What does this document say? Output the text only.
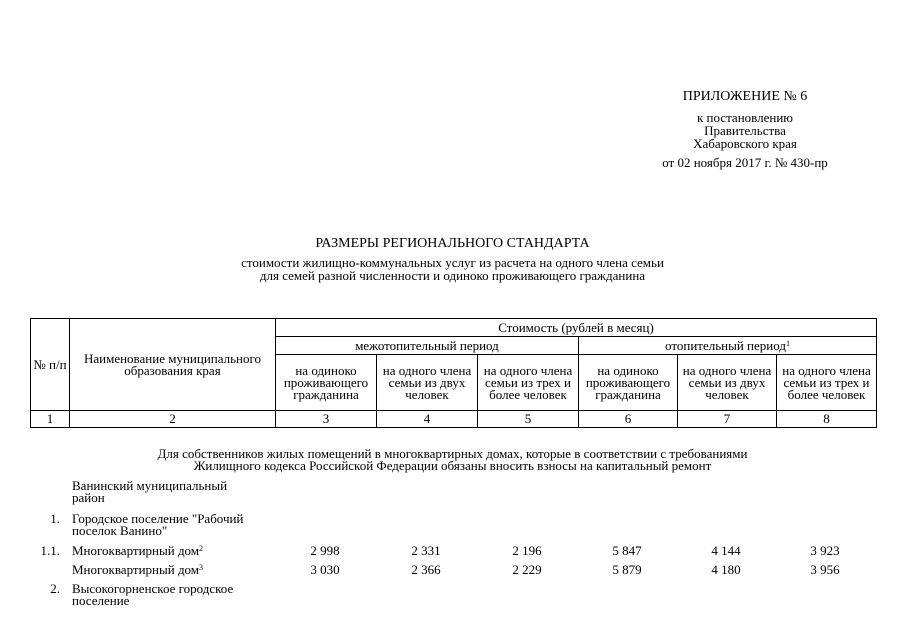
ПРИЛОЖЕНИЕ № 6
к постановлению
Правительства
Хабаровского края
от 02 ноября 2017 г. № 430-пр
РАЗМЕРЫ РЕГИОНАЛЬНОГО СТАНДАРТА
стоимости жилищно-коммунальных услуг из расчета на одного члена семьи
для семей разной численности и одиноко проживающего гражданина
№ п/п	Наименование муниципального образования края	Стоимость (рублей в месяц)					
		межотопительный период			отопительный период$^1$
		на одиноко проживающего гражданина	на одного члена семьи из двух человек	на одного члена семьи из трех и более человек	на одиноко проживающего гражданина	на одного члена семьи из двух человек	на одного члена семьи из трех и более человек
1	2	3	4	5	6	7	8
Для собственников жилых помещений в многоквартирных домах, которые в соответствии с требованиями
Жилищного кодекса Российской Федерации обязаны вносить взносы на капитальный ремонт
Ванинский муниципальный
район
1. Городское поселение "Рабочий
поселок Ванино"
1.1. Многоквартирный дом$^2$	2 998	2 331	2 196	5 847	4 144	3 923
Многоквартирный дом$^3$	3 030	2 366	2 229	5 879	4 180	3 956
2. Высокогорненское городское
поселение
